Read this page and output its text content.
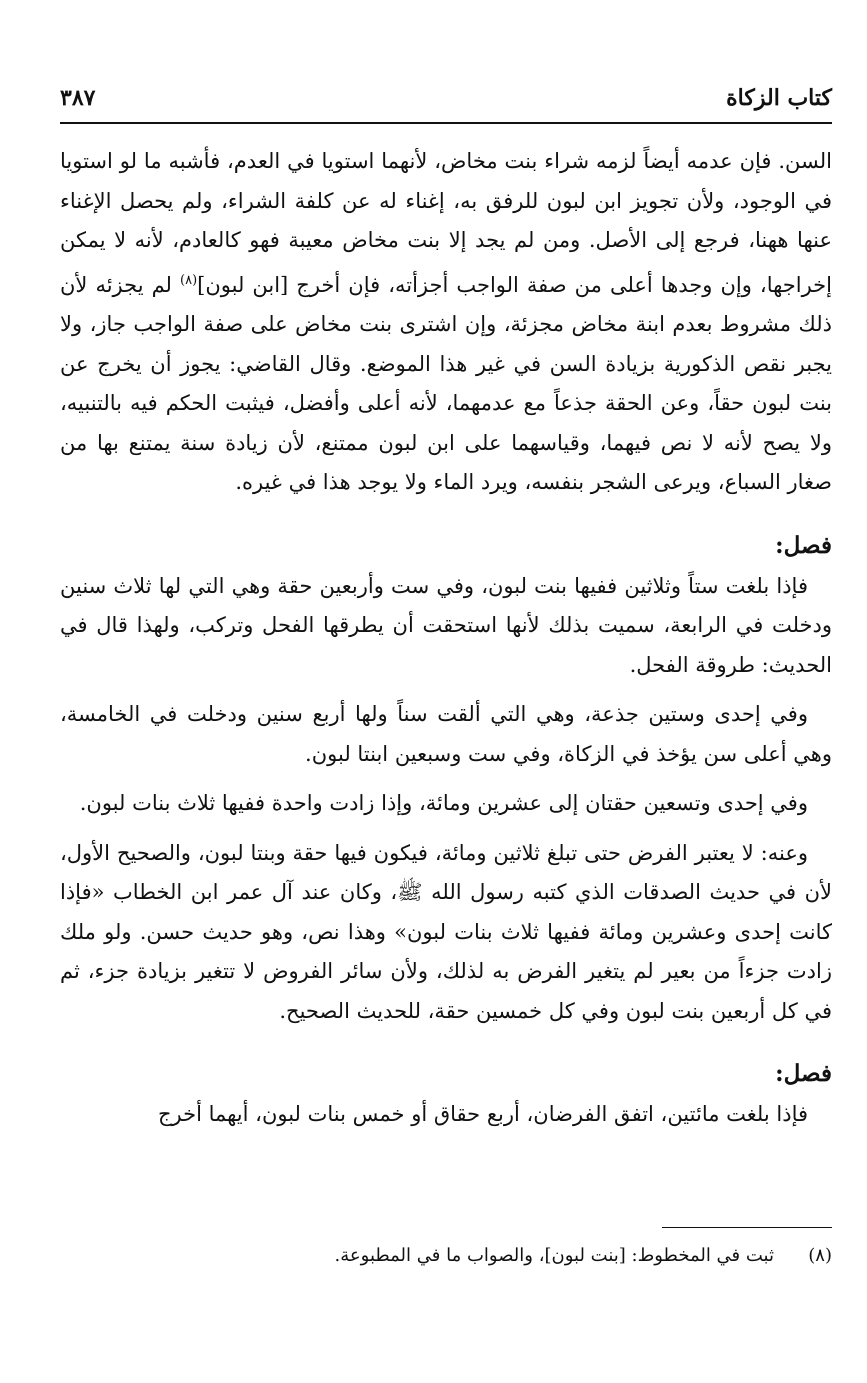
كتاب الزكاة
٣٨٧

السن. فإن عدمه أيضاً لزمه شراء بنت مخاض، لأنهما استويا في العدم، فأشبه ما لو استويا في الوجود، ولأن تجويز ابن لبون للرفق به، إغناء له عن كلفة الشراء، ولم يحصل الإغناء عنها ههنا، فرجع إلى الأصل. ومن لم يجد إلا بنت مخاض معيبة فهو كالعادم، لأنه لا يمكن إخراجها، وإن وجدها أعلى من صفة الواجب أجزأته، فإن أخرج [ابن لبون]$^{(٨)}$ لم يجزئه لأن ذلك مشروط بعدم ابنة مخاض مجزئة، وإن اشترى بنت مخاض على صفة الواجب جاز، ولا يجبر نقص الذكورية بزيادة السن في غير هذا الموضع. وقال القاضي: يجوز أن يخرج عن بنت لبون حقاً، وعن الحقة جذعاً مع عدمهما، لأنه أعلى وأفضل، فيثبت الحكم فيه بالتنبيه، ولا يصح لأنه لا نص فيهما، وقياسهما على ابن لبون ممتنع، لأن زيادة سنة يمتنع بها من صغار السباع، ويرعى الشجر بنفسه، ويرد الماء ولا يوجد هذا في غيره.

فصل:

فإذا بلغت ستاً وثلاثين ففيها بنت لبون، وفي ست وأربعين حقة وهي التي لها ثلاث سنين ودخلت في الرابعة، سميت بذلك لأنها استحقت أن يطرقها الفحل وتركب، ولهذا قال في الحديث: طروقة الفحل.

وفي إحدى وستين جذعة، وهي التي ألقت سناً ولها أربع سنين ودخلت في الخامسة، وهي أعلى سن يؤخذ في الزكاة، وفي ست وسبعين ابنتا لبون.

وفي إحدى وتسعين حقتان إلى عشرين ومائة، وإذا زادت واحدة ففيها ثلاث بنات لبون.

وعنه: لا يعتبر الفرض حتى تبلغ ثلاثين ومائة، فيكون فيها حقة وبنتا لبون، والصحيح الأول، لأن في حديث الصدقات الذي كتبه رسول الله ﷺ، وكان عند آل عمر ابن الخطاب «فإذا كانت إحدى وعشرين ومائة ففيها ثلاث بنات لبون» وهذا نص، وهو حديث حسن. ولو ملك زادت جزءاً من بعير لم يتغير الفرض به لذلك، ولأن سائر الفروض لا تتغير بزيادة جزء، ثم في كل أربعين بنت لبون وفي كل خمسين حقة، للحديث الصحيح.

فصل:

فإذا بلغت مائتين، اتفق الفرضان، أربع حقاق أو خمس بنات لبون، أيهما أخرج

(٨)
ثبت في المخطوط: [بنت لبون]، والصواب ما في المطبوعة.
